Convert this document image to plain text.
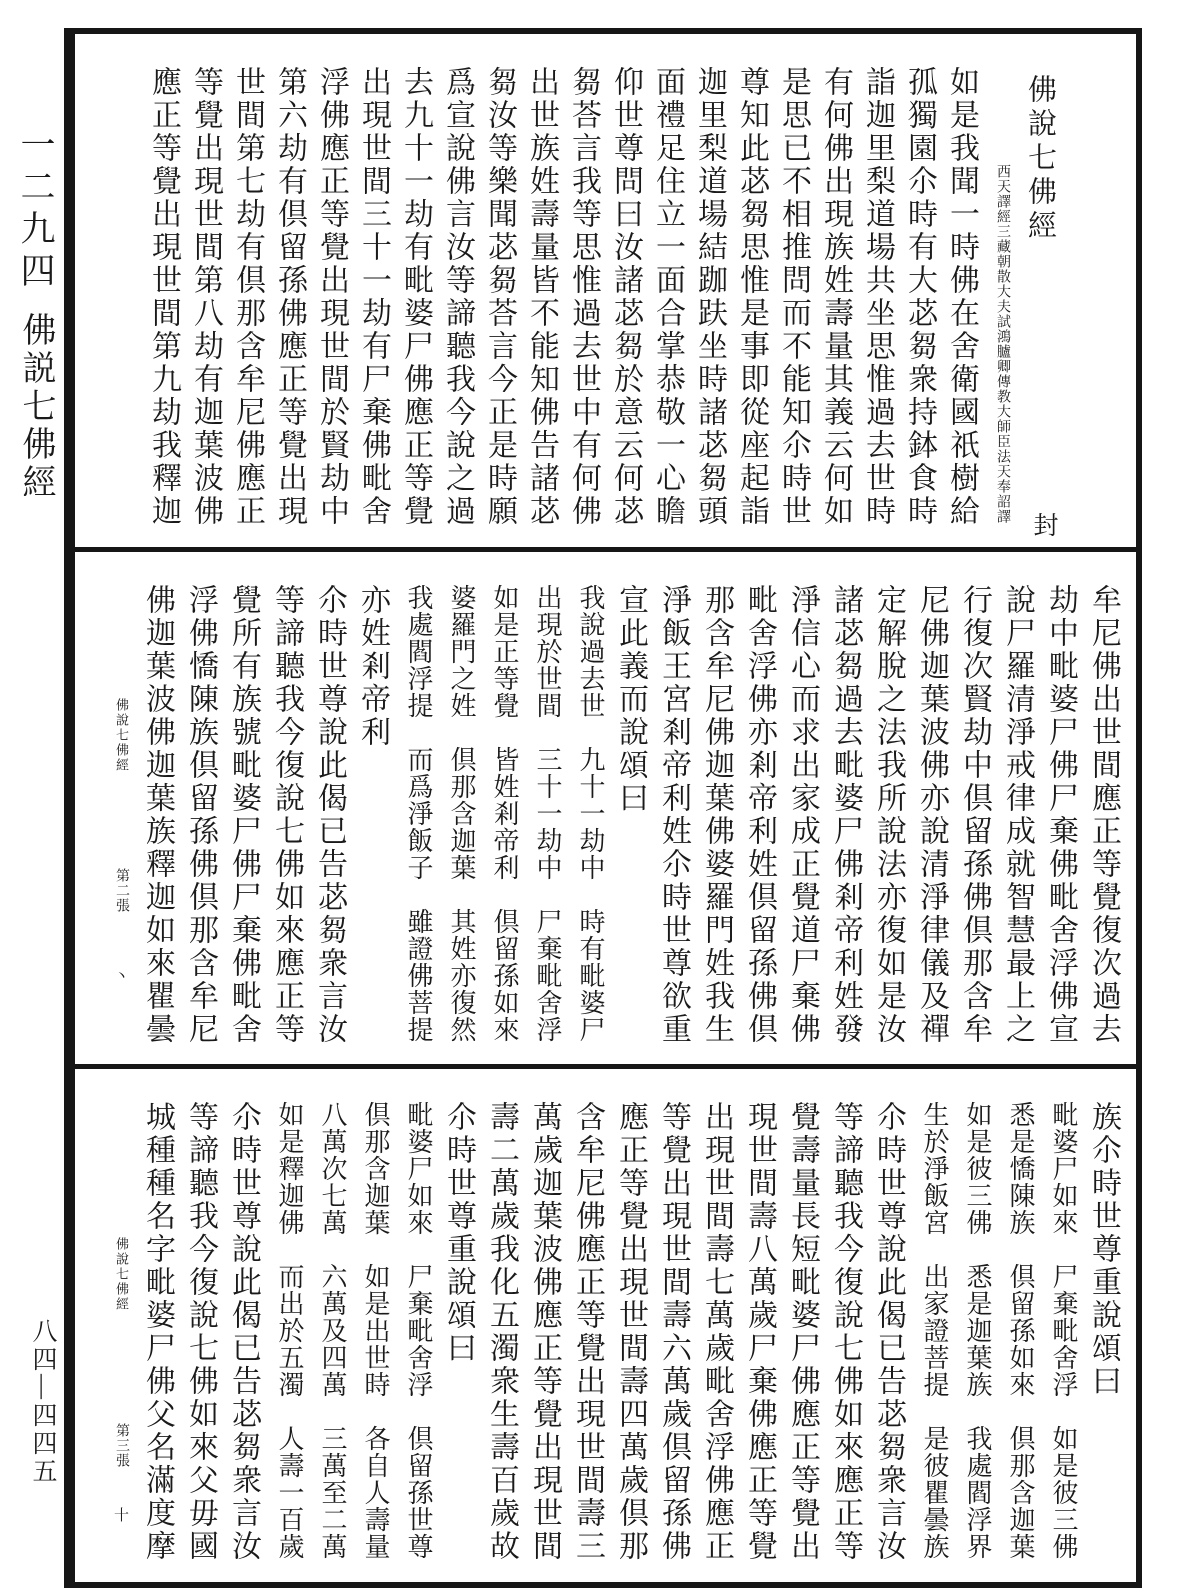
一二九四
佛説七佛經
八四—四四五
佛說七佛經
封
西天譯經三藏朝散大夫試鴻臚卿傳教大師臣法天奉詔譯
如是我聞一時佛在舍衛國祇樹給
孤獨園尒時有大苾芻衆持鉢食時
詣迦里梨道場共坐思惟過去世時
有何佛出現族姓壽量其義云何如
是思已不相推問而不能知尒時世
尊知此苾芻思惟是事即從座起詣
迦里梨道場結跏趺坐時諸苾芻頭
面禮足住立一面合掌恭敬一心瞻
仰世尊問曰汝諸苾芻於意云何苾
芻荅言我等思惟過去世中有何佛
出世族姓壽量皆不能知佛告諸苾
芻汝等樂聞苾芻荅言今正是時願
爲宣說佛言汝等諦聽我今說之過
去九十一劫有毗婆尸佛應正等覺
出現世間三十一劫有尸棄佛毗舍
浮佛應正等覺出現世間於賢劫中
第六劫有倶留孫佛應正等覺出現
世間第七劫有倶那含牟尼佛應正
等覺出現世間第八劫有迦葉波佛
應正等覺出現世間第九劫我釋迦
佛說七佛經
第二張
丶	牟尼佛出世間應正等覺復次過去
劫中毗婆尸佛尸棄佛毗舍浮佛宣
說尸羅清淨戒律成就智慧最上之
行復次賢劫中倶留孫佛倶那含牟
尼佛迦葉波佛亦說清淨律儀及禪
定解脫之法我所說法亦復如是汝
諸苾芻過去毗婆尸佛剎帝利姓發
淨信心而求出家成正覺道尸棄佛
毗舍浮佛亦剎帝利姓倶留孫佛倶
那含牟尼佛迦葉佛婆羅門姓我生
淨飯王宮剎帝利姓尒時世尊欲重
宣此義而說頌曰
我說過去世　九十一劫中　時有毗婆尸
出現於世間　三十一劫中　尸棄毗舍浮
如是正等覺　皆姓剎帝利　倶留孫如來
婆羅門之姓　倶那含迦葉　其姓亦復然
我處閻浮提　而爲淨飯子　雖證佛菩提
亦姓剎帝利
尒時世尊說此偈已告苾芻衆言汝
等諦聽我今復說七佛如來應正等
覺所有族號毗婆尸佛尸棄佛毗舍
浮佛憍陳族倶留孫佛倶那含牟尼
佛迦葉波佛迦葉族釋迦如來瞿曇
佛說七佛經
第三張
十
族尒時世尊重說頌曰
毗婆尸如來　尸棄毗舍浮　如是彼三佛
悉是憍陳族　倶留孫如來　倶那含迦葉
如是彼三佛　悉是迦葉族　我處閻浮界
生於淨飯宮　出家證菩提　是彼瞿曇族
尒時世尊說此偈已告苾芻衆言汝
等諦聽我今復說七佛如來應正等
覺壽量長短毗婆尸佛應正等覺出
現世間壽八萬歲尸棄佛應正等覺
出現世間壽七萬歲毗舍浮佛應正
等覺出現世間壽六萬歲倶留孫佛
應正等覺出現世間壽四萬歲倶那
含牟尼佛應正等覺出現世間壽三
萬歲迦葉波佛應正等覺出現世間
壽二萬歲我化五濁衆生壽百歲故
尒時世尊重說頌曰
毗婆尸如來　尸棄毗舍浮　倶留孫世尊
倶那含迦葉　如是出世時　各自人壽量
八萬次七萬　六萬及四萬　三萬至二萬
如是釋迦佛　而出於五濁　人壽一百歲
尒時世尊說此偈已告苾芻衆言汝
等諦聽我今復說七佛如來父毋國
城種種名字毗婆尸佛父名滿度摩
